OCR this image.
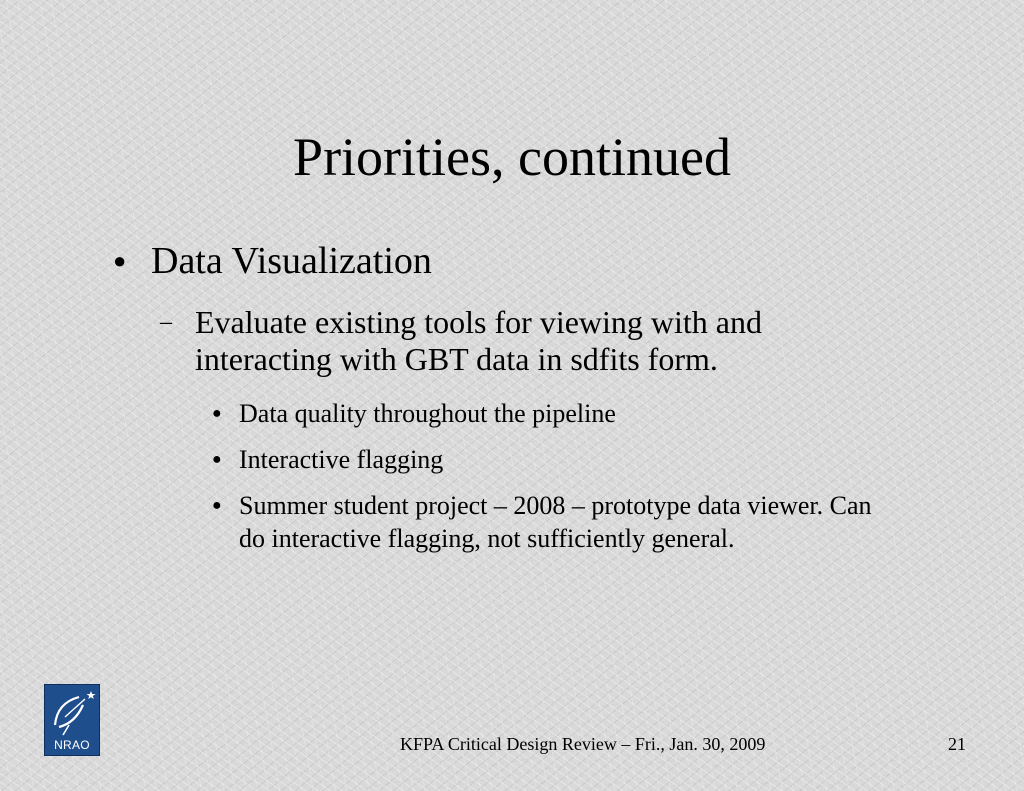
Priorities, continued
● Data Visualization
– Evaluate existing tools for viewing with and interacting with GBT data in sdfits form.
● Data quality throughout the pipeline
● Interactive flagging
● Summer student project – 2008 – prototype data viewer. Can do interactive flagging, not sufficiently general.
NRAO	KFPA Critical Design Review – Fri., Jan. 30, 2009	21
